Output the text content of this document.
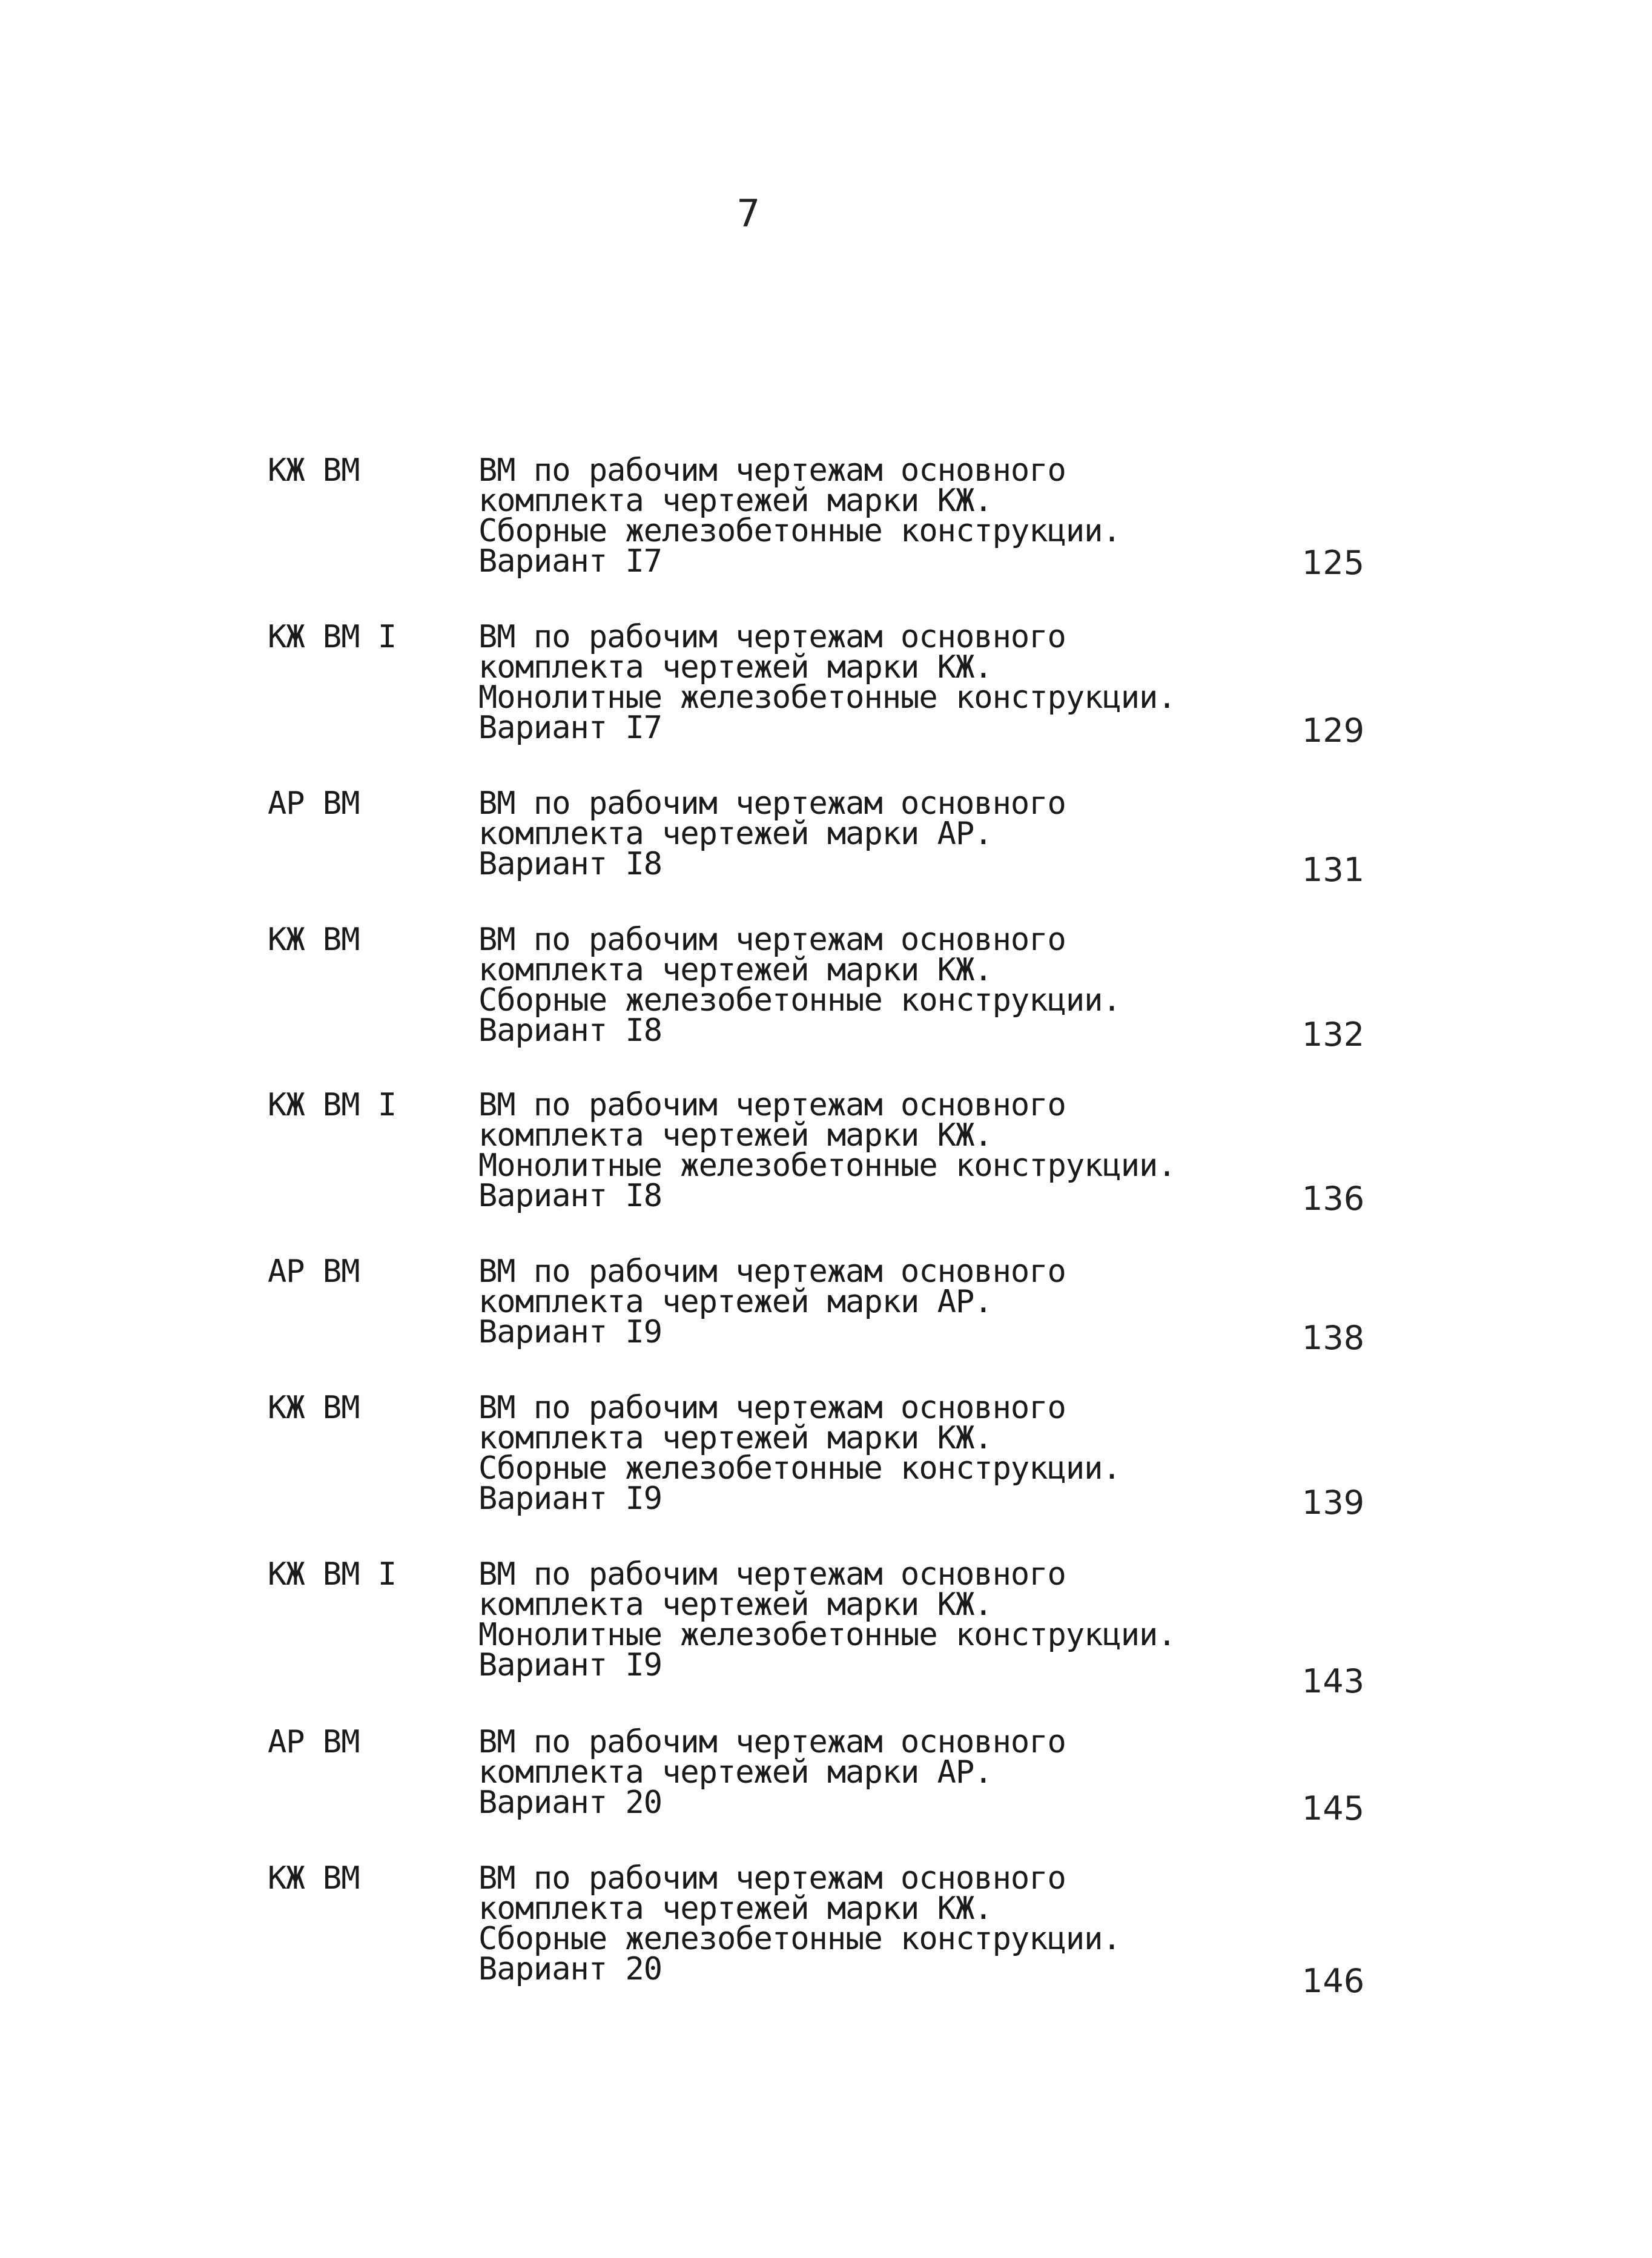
7
КЖ ВМ	ВМ по рабочим чертежам основного
комплекта чертежей марки КЖ.
Сборные железобетонные конструкции.
Вариант I7	125
КЖ ВМ I	ВМ по рабочим чертежам основного
комплекта чертежей марки КЖ.
Монолитные железобетонные конструкции.
Вариант I7	129
АР ВМ	ВМ по рабочим чертежам основного
комплекта чертежей марки АР.
Вариант I8	131
КЖ ВМ	ВМ по рабочим чертежам основного
комплекта чертежей марки КЖ.
Сборные железобетонные конструкции.
Вариант I8	132
КЖ ВМ I	ВМ по рабочим чертежам основного
комплекта чертежей марки КЖ.
Монолитные железобетонные конструкции.
Вариант I8	136
АР ВМ	ВМ по рабочим чертежам основного
комплекта чертежей марки АР.
Вариант I9	138
КЖ ВМ	ВМ по рабочим чертежам основного
комплекта чертежей марки КЖ.
Сборные железобетонные конструкции.
Вариант I9	139
КЖ ВМ I	ВМ по рабочим чертежам основного
комплекта чертежей марки КЖ.
Монолитные железобетонные конструкции.
Вариант I9	143
АР ВМ	ВМ по рабочим чертежам основного
комплекта чертежей марки АР.
Вариант 20	145
КЖ ВМ	ВМ по рабочим чертежам основного
комплекта чертежей марки КЖ.
Сборные железобетонные конструкции.
Вариант 20	146
